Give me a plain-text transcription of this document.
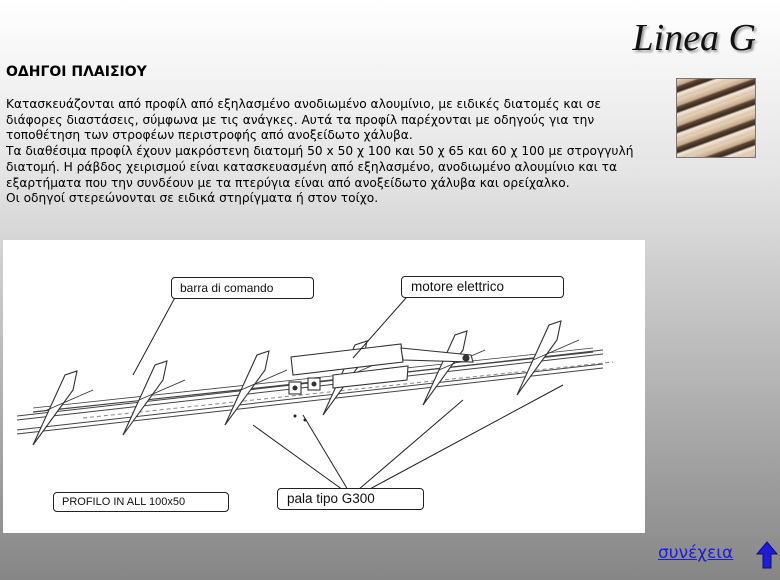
Linea G
ΟΔΗΓΟΙ ΠΛΑΙΣΙΟΥ

Κατασκευάζονται από προφίλ από εξηλασμένο ανοδιωμένο αλουμίνιο, με ειδικές διατομές και σε διάφορες διαστάσεις, σύμφωνα με τις ανάγκες. Αυτά τα προφίλ παρέχονται με οδηγούς για την τοποθέτηση των στροφέων περιστροφής από ανοξείδωτο χάλυβα.

Τα διαθέσιμα προφίλ έχουν μακρόστενη διατομή 50 x 50 χ 100 και 50 χ 65 και 60 χ 100 με στρογγυλή διατομή. Η ράβδος χειρισμού είναι κατασκευασμένη από εξηλασμένο, ανοδιωμένο αλουμίνιο και τα εξαρτήματα που την συνδέουν με τα πτερύγια είναι από ανοξείδωτο χάλυβα και ορείχαλκο.

Οι οδηγοί στερεώνονται σε ειδικά στηρίγματα ή στον τοίχο.

barra di comando	motore elettrico
PROFILO IN ALL 100x50	pala tipo G300
συνέχεια
